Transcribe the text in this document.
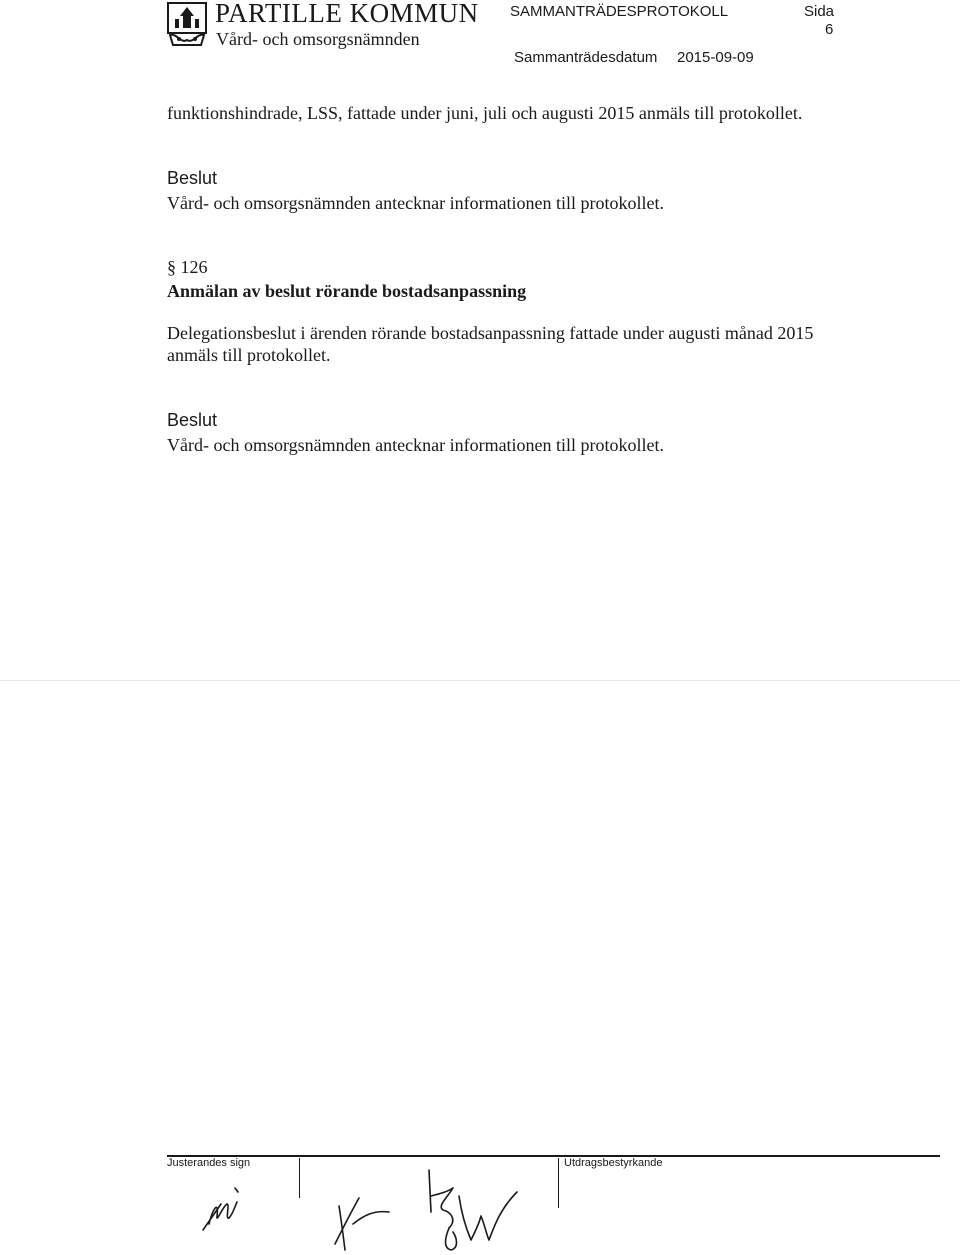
PARTILLE KOMMUN
Vård- och omsorgsnämnden
SAMMANTRÄDESPROTOKOLL	Sida
6
Sammanträdesdatum 2015-09-09
funktionshindrade, LSS, fattade under juni, juli och augusti 2015 anmäls till protokollet.
Beslut
Vård- och omsorgsnämnden antecknar informationen till protokollet.
§ 126
Anmälan av beslut rörande bostadsanpassning
Delegationsbeslut i ärenden rörande bostadsanpassning fattade under augusti månad 2015
anmäls till protokollet.
Beslut
Vård- och omsorgsnämnden antecknar informationen till protokollet.
Justerandes sign	Utdragsbestyrkande
